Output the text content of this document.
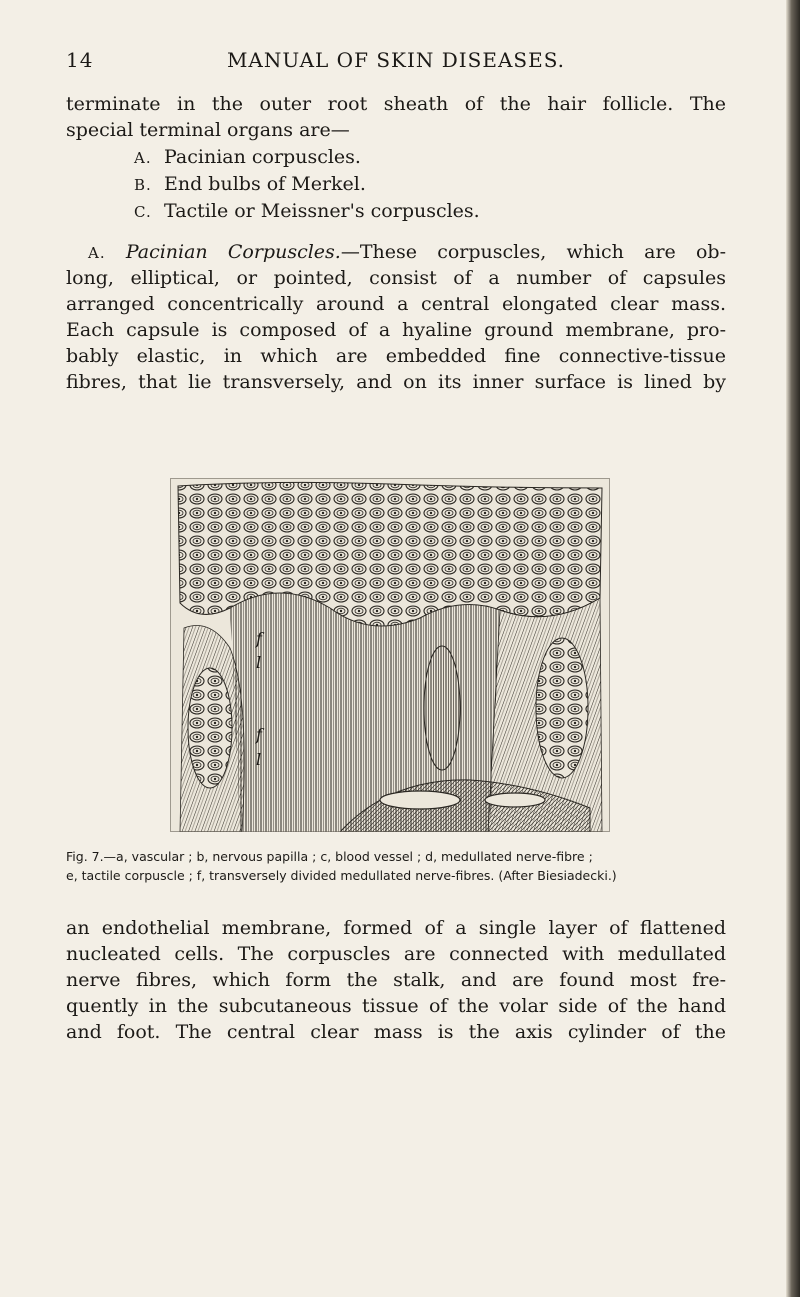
14	MANUAL OF SKIN DISEASES.
terminate in the outer root sheath of the hair follicle. The
special terminal organs are—
A. Pacinian corpuscles.
B. End bulbs of Merkel.
C. Tactile or Meissner's corpuscles.
A. Pacinian Corpuscles.—These corpuscles, which are ob-
long, elliptical, or pointed, consist of a number of capsules
arranged concentrically around a central elongated clear mass.
Each capsule is composed of a hyaline ground membrane, pro-
bably elastic, in which are embedded fine connective-tissue
fibres, that lie transversely, and on its inner surface is lined by
f
l
f
l
Fig. 7.—a, vascular ; b, nervous papilla ; c, blood vessel ; d, medullated nerve-fibre ;
e, tactile corpuscle ; f, transversely divided medullated nerve-fibres. (After Biesiadecki.)
an endothelial membrane, formed of a single layer of flattened
nucleated cells. The corpuscles are connected with medullated
nerve fibres, which form the stalk, and are found most fre-
quently in the subcutaneous tissue of the volar side of the hand
and foot. The central clear mass is the axis cylinder of the
